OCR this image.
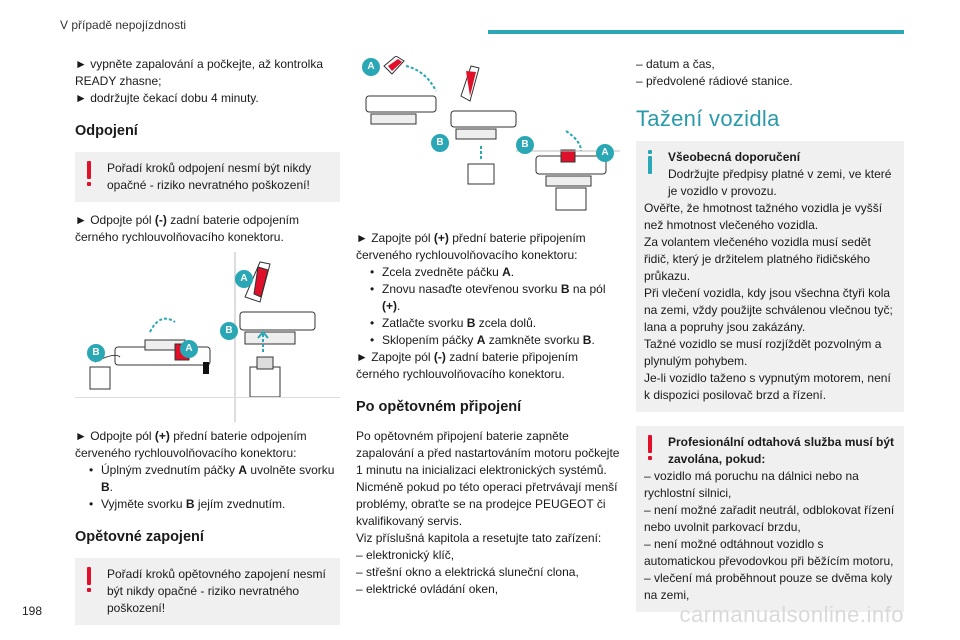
V případě nepojízdnosti
► vypněte zapalování a počkejte, až kontrolka READY zhasne;
► dodržujte čekací dobu 4 minuty.
Odpojení
Pořadí kroků odpojení nesmí být nikdy opačné - riziko nevratného poškození!
► Odpojte pól (-) zadní baterie odpojením černého rychlouvolňovacího konektoru.
A
B
A
B
► Odpojte pól (+) přední baterie odpojením červeného rychlouvolňovacího konektoru:
• Úplným zvednutím páčky A uvolněte svorku B.
• Vyjměte svorku B jejím zvednutím.
Opětovné zapojení
Pořadí kroků opětovného zapojení nesmí být nikdy opačné - riziko nevratného poškození!
A
B	B
A
► Zapojte pól (+) přední baterie připojením červeného rychlouvolňovacího konektoru:
• Zcela zvedněte páčku A.
• Znovu nasaďte otevřenou svorku B na pól (+).
• Zatlačte svorku B zcela dolů.
• Sklopením páčky A zamkněte svorku B.
► Zapojte pól (-) zadní baterie připojením černého rychlouvolňovacího konektoru.
Po opětovném připojení
Po opětovném připojení baterie zapněte zapalování a před nastartováním motoru počkejte 1 minutu na inicializaci elektronických systémů.
Nicméně pokud po této operaci přetrvávají menší problémy, obraťte se na prodejce PEUGEOT či kvalifikovaný servis.
Viz příslušná kapitola a resetujte tato zařízení:
– elektronický klíč,
– střešní okno a elektrická sluneční clona,
– elektrické ovládání oken,
– datum a čas,
– předvolené rádiové stanice.
Tažení vozidla
Všeobecná doporučení
Dodržujte předpisy platné v zemi, ve které je vozidlo v provozu.
Ověřte, že hmotnost tažného vozidla je vyšší než hmotnost vlečeného vozidla.
Za volantem vlečeného vozidla musí sedět řidič, který je držitelem platného řidičského průkazu.
Při vlečení vozidla, kdy jsou všechna čtyři kola na zemi, vždy použijte schválenou vlečnou tyč; lana a popruhy jsou zakázány.
Tažné vozidlo se musí rozjíždět pozvolným a plynulým pohybem.
Je-li vozidlo taženo s vypnutým motorem, není k dispozici posilovač brzd a řízení.
Profesionální odtahová služba musí být zavolána, pokud:
– vozidlo má poruchu na dálnici nebo na rychlostní silnici,
– není možné zařadit neutrál, odblokovat řízení nebo uvolnit parkovací brzdu,
– není možné odtáhnout vozidlo s automatickou převodovkou při běžícím motoru,
– vlečení má proběhnout pouze se dvěma koly na zemi,
198	carmanualsonline.info
